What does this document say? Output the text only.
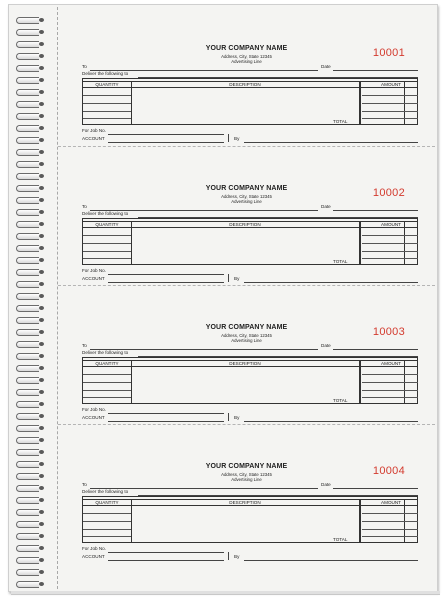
YOUR COMPANY NAME
Address, City, State 12345
Advertising Line
10001
To	Date
Deliver the following to
QUANTITY	DESCRIPTION	AMOUNT
TOTAL
For Job No.
ACCOUNT	By
YOUR COMPANY NAME
Address, City, State 12345
Advertising Line
10002
To	Date
Deliver the following to
QUANTITY	DESCRIPTION	AMOUNT
TOTAL
For Job No.
ACCOUNT	By
YOUR COMPANY NAME
Address, City, State 12345
Advertising Line
10003
To	Date
Deliver the following to
QUANTITY	DESCRIPTION	AMOUNT
TOTAL
For Job No.
ACCOUNT	By
YOUR COMPANY NAME
Address, City, State 12345
Advertising Line
10004
To	Date
Deliver the following to
QUANTITY	DESCRIPTION	AMOUNT
TOTAL
For Job No.
ACCOUNT	By
